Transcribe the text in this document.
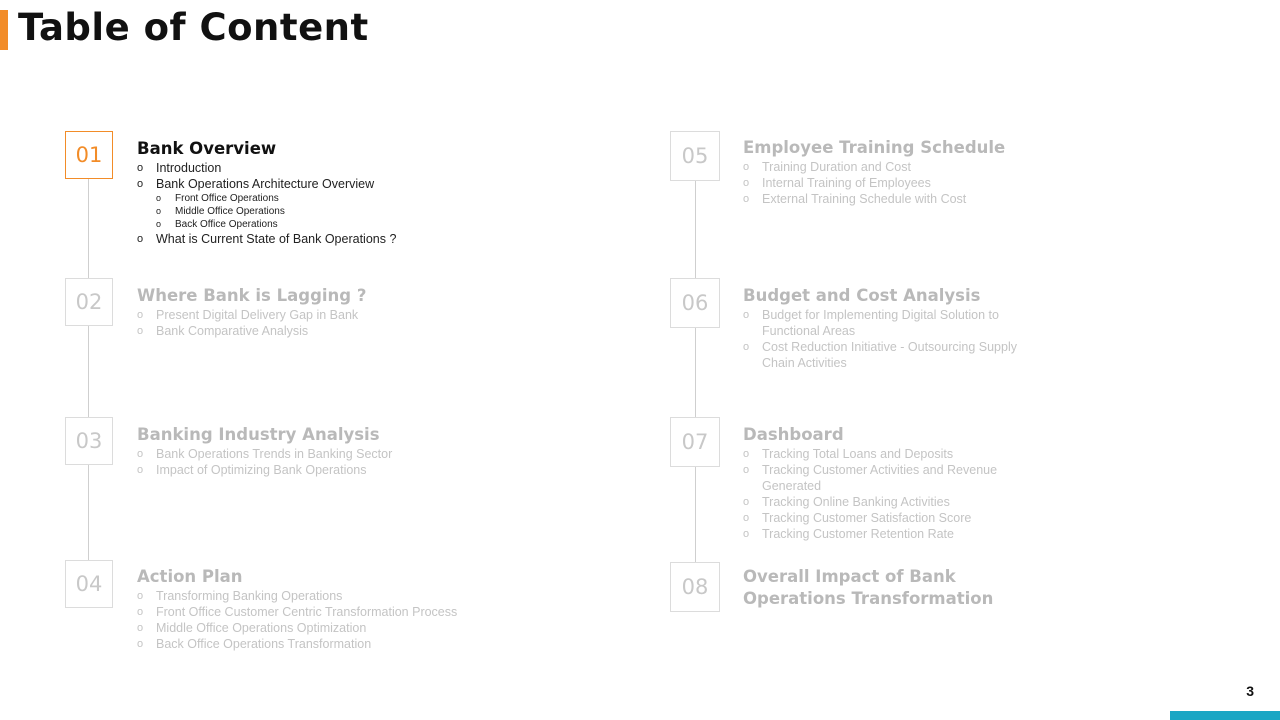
Table of Content
01	Bank Overview
o Introduction
o Bank Operations Architecture Overview
o Front Office Operations
o Middle Office Operations
o Back Office Operations
o What is Current State of Bank Operations ?
02	Where Bank is Lagging ?
o Present Digital Delivery Gap in Bank
o Bank Comparative Analysis
03	Banking Industry Analysis
o Bank Operations Trends in Banking Sector
o Impact of Optimizing Bank Operations
04	Action Plan
o Transforming Banking Operations
o Front Office Customer Centric Transformation Process
o Middle Office Operations Optimization
o Back Office Operations Transformation
05	Employee Training Schedule
o Training Duration and Cost
o Internal Training of Employees
o External Training Schedule with Cost
06	Budget and Cost Analysis
o Budget for Implementing Digital Solution to Functional Areas
o Cost Reduction Initiative - Outsourcing Supply Chain Activities
07	Dashboard
o Tracking Total Loans and Deposits
o Tracking Customer Activities and Revenue Generated
o Tracking Online Banking Activities
o Tracking Customer Satisfaction Score
o Tracking Customer Retention Rate
08	Overall Impact of Bank Operations Transformation
3
